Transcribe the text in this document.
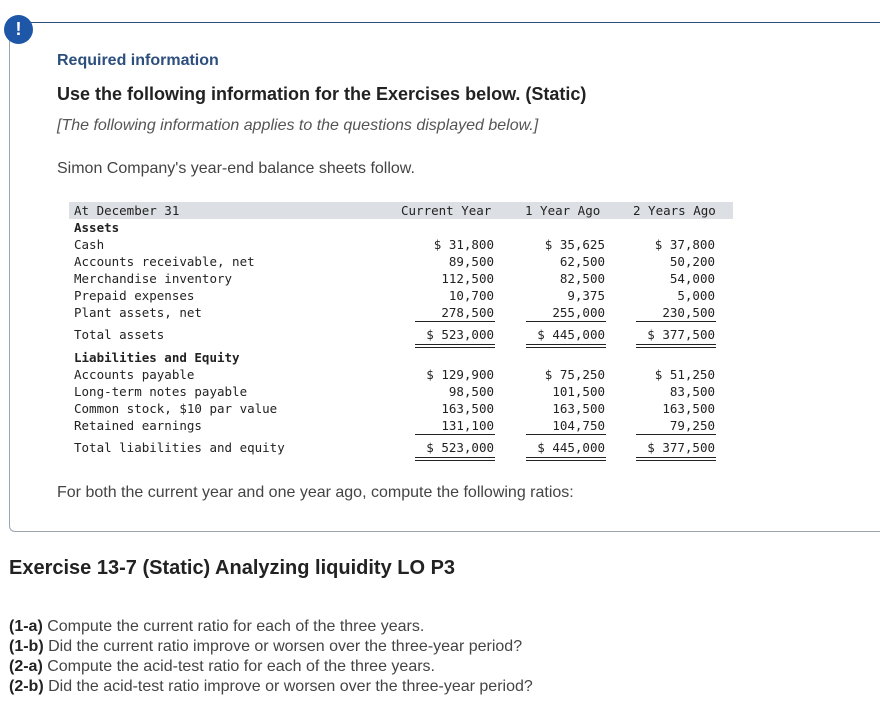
!
Required information
Use the following information for the Exercises below. (Static)
[The following information applies to the questions displayed below.]
Simon Company's year-end balance sheets follow.
At December 31	Current Year	1 Year Ago	2 Years Ago
Assets
Cash	$ 31,800	$ 35,625	$ 37,800
Accounts receivable, net	89,500	62,500	50,200
Merchandise inventory	112,500	82,500	54,000
Prepaid expenses	10,700	9,375	5,000
Plant assets, net	278,500	255,000	230,500
Total assets	$ 523,000	$ 445,000	$ 377,500
Liabilities and Equity
Accounts payable	$ 129,900	$ 75,250	$ 51,250
Long-term notes payable	98,500	101,500	83,500
Common stock, $10 par value	163,500	163,500	163,500
Retained earnings	131,100	104,750	79,250
Total liabilities and equity	$ 523,000	$ 445,000	$ 377,500
For both the current year and one year ago, compute the following ratios:
Exercise 13-7 (Static) Analyzing liquidity LO P3
(1-a) Compute the current ratio for each of the three years.
(1-b) Did the current ratio improve or worsen over the three-year period?
(2-a) Compute the acid-test ratio for each of the three years.
(2-b) Did the acid-test ratio improve or worsen over the three-year period?
